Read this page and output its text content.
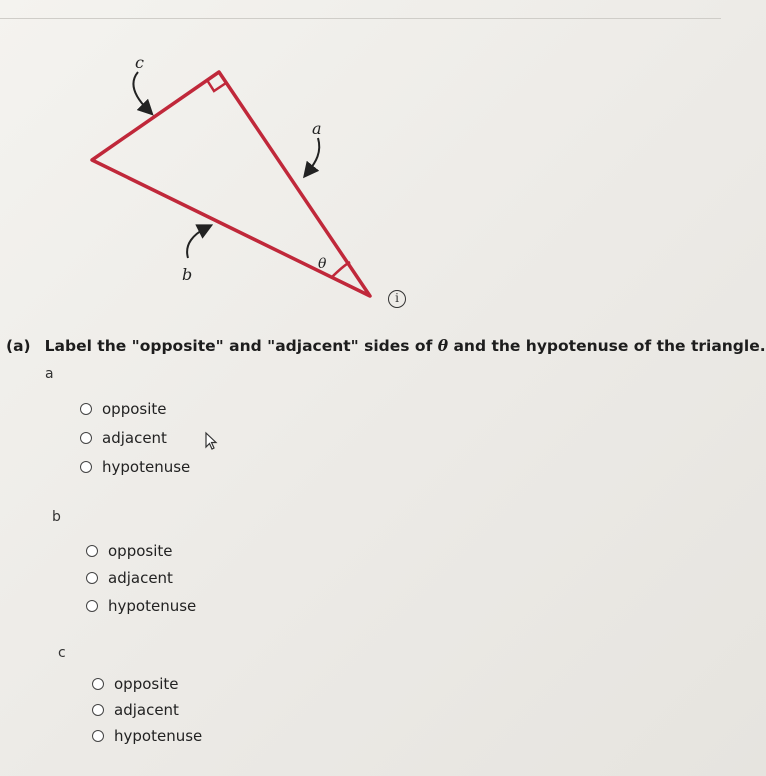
c
a
b
θ
i
(a) Label the "opposite" and "adjacent" sides of θ and the hypotenuse of the triangle.
a
opposite
adjacent
hypotenuse
b
opposite
adjacent
hypotenuse
c
opposite
adjacent
hypotenuse
